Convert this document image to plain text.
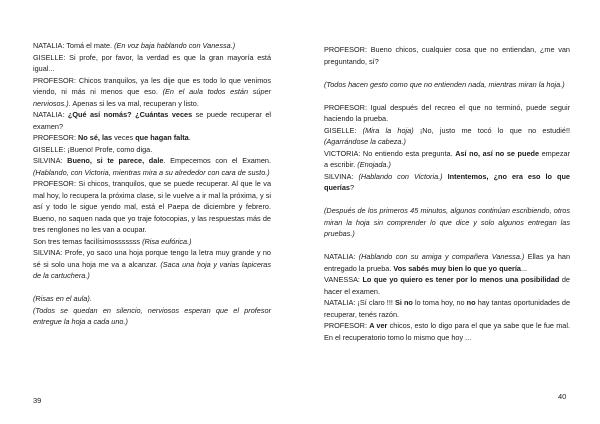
NATALIA: Tomá el mate. (En voz baja hablando con Vanessa.)

GISELLE: Si profe, por favor, la verdad es que la gran mayoría está igual...

PROFESOR: Chicos tranquilos, ya les dije que es todo lo que venimos viendo, ni más ni menos que eso. (En el aula todos están súper nerviosos.). Apenas si les va mal, recuperan y listo.

NATALIA: ¿Qué así nomás? ¿Cuántas veces se puede recuperar el examen?

PROFESOR: No sé, las veces que hagan falta.

GISELLE: ¡Bueno! Profe, como diga.

SILVINA: Bueno, si te parece, dale. Empecemos con el Examen. (Hablando, con Victoria, mientras mira a su alrededor con cara de susto.)

PROFESOR: Si chicos, tranquilos, que se puede recuperar. Al que le va mal hoy, lo recupera la próxima clase, si le vuelve a ir mal la próxima, y si así y todo le sigue yendo mal, está el Paepa de diciembre y febrero. Bueno, no saquen nada que yo traje fotocopias, y las respuestas más de tres renglones no les van a ocupar.

Son tres temas facilísimosssssss (Risa eufórica.)

SILVINA: Profe, yo saco una hoja porque tengo la letra muy grande y no sé si solo una hoja me va a alcanzar. (Saca una hoja y varias lapiceras de la cartuchera.)

(Risas en el aula).

(Todos se quedan en silencio, nerviosos esperan que el profesor entregue la hoja a cada uno.)

39

PROFESOR: Bueno chicos, cualquier cosa que no entiendan, ¿me van preguntando, sí?

(Todos hacen gesto como que no entienden nada, mientras miran la hoja.)

PROFESOR: Igual después del recreo el que no terminó, puede seguir haciendo la prueba.

GISELLE: (Mira la hoja) ¡No, justo me tocó lo que no estudié!! (Agarrándose la cabeza.)

VICTORIA: No entiendo esta pregunta. Así no, así no se puede empezar a escribir. (Enojada.)

SILVINA: (Hablando con Victoria.) Intentemos, ¿no era eso lo que querías?

(Después de los primeros 45 minutos, algunos continúan escribiendo, otros miran la hoja sin comprender lo que dice y solo algunos entregan las pruebas.)

NATALIA: (Hablando con su amiga y compañera Vanessa.) Ellas ya han entregado la prueba. Vos sabés muy bien lo que yo quería...

VANESSA: Lo que yo quiero es tener por lo menos una posibilidad de hacer el examen.

NATALIA: ¡Sí claro !!! Si no lo toma hoy, no no hay tantas oportunidades de recuperar, tenés razón.

PROFESOR: A ver chicos, esto lo digo para el que ya sabe que le fue mal. En el recuperatorio tomo lo mismo que hoy ...

40
